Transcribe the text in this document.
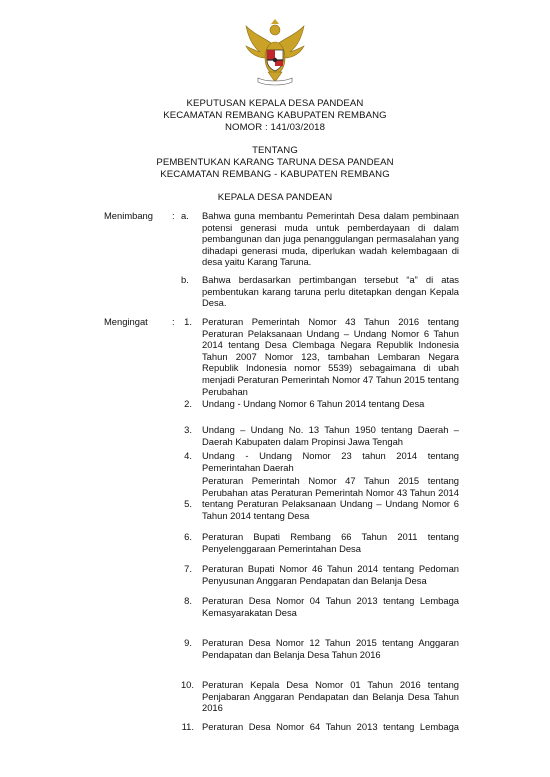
KEPUTUSAN KEPALA DESA PANDEAN
KECAMATAN REMBANG KABUPATEN REMBANG
NOMOR : 141/03/2018
TENTANG
PEMBENTUKAN KARANG TARUNA DESA PANDEAN
KECAMATAN REMBANG - KABUPATEN REMBANG
KEPALA DESA PANDEAN
Menimbang : a. Bahwa guna membantu Pemerintah Desa dalam pembinaan
potensi generasi muda untuk pemberdayaan di dalam
pembangunan dan juga penanggulangan permasalahan yang
dihadapi generasi muda, diperlukan wadah kelembagaan di
desa yaitu Karang Taruna.
b. Bahwa berdasarkan pertimbangan tersebut “a” di atas
pembentukan karang taruna perlu ditetapkan dengan Kepala
Desa.
Mengingat	:	1. Peraturan Pemerintah Nomor 43 Tahun 2016 tentang
Peraturan Pelaksanaan Undang – Undang Nomor 6 Tahun
2014 tentang Desa Clembaga Negara Republik Indonesia
Tahun 2007 Nomor 123, tambahan Lembaran Negara
Republik Indonesia nomor 5539) sebagaimana di ubah
menjadi Peraturan Pemerintah Nomor 47 Tahun 2015 tentang
Perubahan
2. Undang - Undang Nomor 6 Tahun 2014 tentang Desa
3. Undang – Undang No. 13 Tahun 1950 tentang Daerah –
Daerah Kabupaten dalam Propinsi Jawa Tengah
4. Undang - Undang Nomor 23 tahun 2014 tentang
Pemerintahan Daerah
5.
Peraturan Pemerintah Nomor 47 Tahun 2015 tentang
Perubahan atas Peraturan Pemerintah Nomor 43 Tahun 2014
tentang Peraturan Pelaksanaan Undang – Undang Nomor 6
Tahun 2014 tentang Desa
6. Peraturan Bupati Rembang 66 Tahun 2011 tentang
Penyelenggaraan Pemerintahan Desa
7. Peraturan Bupati Nomor 46 Tahun 2014 tentang Pedoman
Penyusunan Anggaran Pendapatan dan Belanja Desa
8. Peraturan Desa Nomor 04 Tahun 2013 tentang Lembaga
Kemasyarakatan Desa
9. Peraturan Desa Nomor 12 Tahun 2015 tentang Anggaran
Pendapatan dan Belanja Desa Tahun 2016
10. Peraturan Kepala Desa Nomor 01 Tahun 2016 tentang
Penjabaran Anggaran Pendapatan dan Belanja Desa Tahun
2016
11. Peraturan Desa Nomor 64 Tahun 2013 tentang Lembaga
